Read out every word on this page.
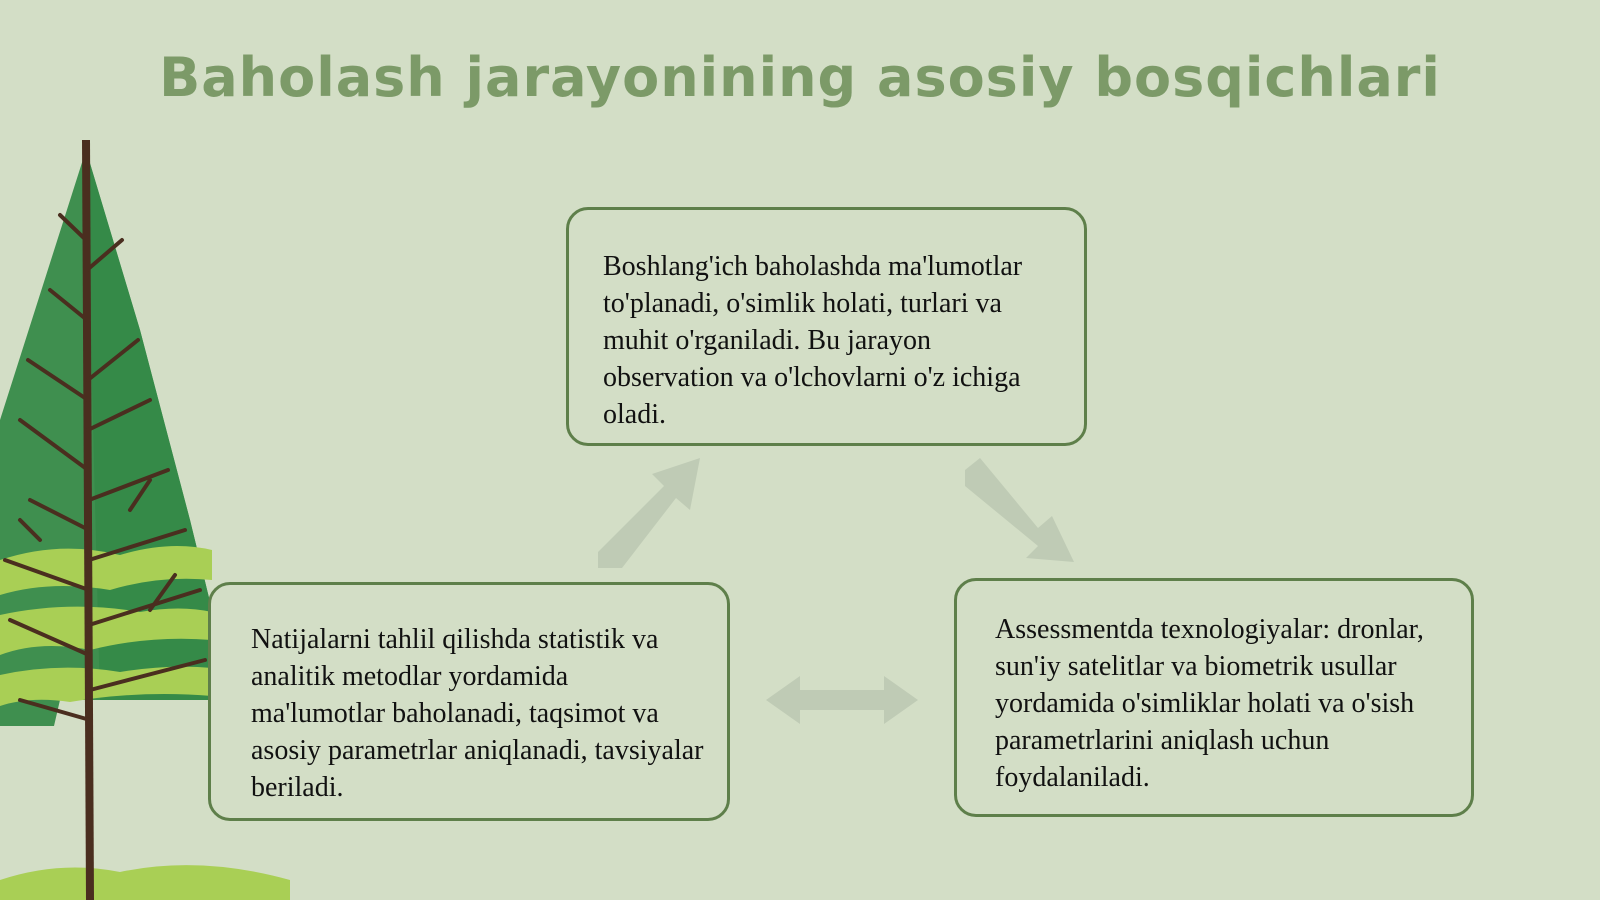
Baholash jarayonining asosiy bosqichlari
Boshlang'ich baholashda ma'lumotlar to'planadi, o'simlik holati, turlari va muhit o'rganiladi. Bu jarayon observation va o'lchovlarni o'z ichiga oladi.
Natijalarni tahlil qilishda statistik va analitik metodlar yordamida ma'lumotlar baholanadi, taqsimot va asosiy parametrlar aniqlanadi, tavsiyalar beriladi.
Assessmentda texnologiyalar: dronlar, sun'iy satelitlar va biometrik usullar yordamida o'simliklar holati va o'sish parametrlarini aniqlash uchun foydalaniladi.
